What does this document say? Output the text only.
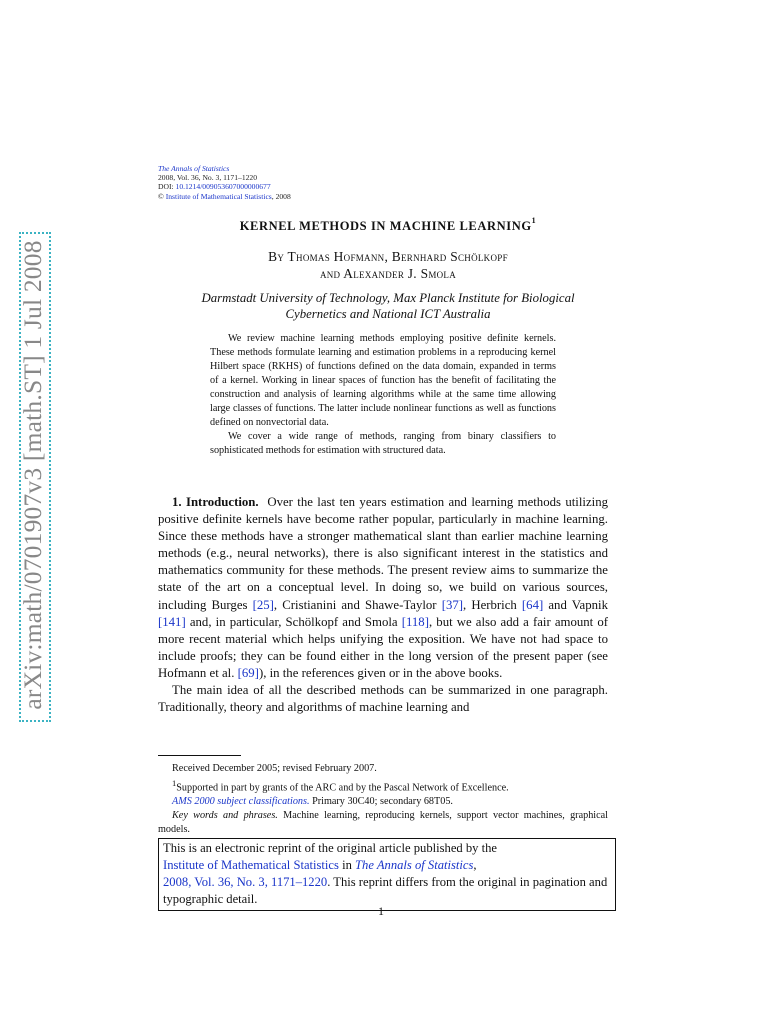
arXiv:math/0701907v3 [math.ST] 1 Jul 2008
The Annals of Statistics
2008, Vol. 36, No. 3, 1171–1220
DOI: 10.1214/009053607000000677
© Institute of Mathematical Statistics, 2008
KERNEL METHODS IN MACHINE LEARNING$^1$
By Thomas Hofmann, Bernhard Schölkopf
and Alexander J. Smola
Darmstadt University of Technology, Max Planck Institute for Biological
Cybernetics and National ICT Australia

We review machine learning methods employing positive definite kernels. These methods formulate learning and estimation problems in a reproducing kernel Hilbert space (RKHS) of functions defined on the data domain, expanded in terms of a kernel. Working in linear spaces of function has the benefit of facilitating the construction and analysis of learning algorithms while at the same time allowing large classes of functions. The latter include nonlinear functions as well as functions defined on nonvectorial data.

We cover a wide range of methods, ranging from binary classifiers to sophisticated methods for estimation with structured data.

1. Introduction. Over the last ten years estimation and learning methods utilizing positive definite kernels have become rather popular, particularly in machine learning. Since these methods have a stronger mathematical slant than earlier machine learning methods (e.g., neural networks), there is also significant interest in the statistics and mathematics community for these methods. The present review aims to summarize the state of the art on a conceptual level. In doing so, we build on various sources, including Burges [25], Cristianini and Shawe-Taylor [37], Herbrich [64] and Vapnik [141] and, in particular, Schölkopf and Smola [118], but we also add a fair amount of more recent material which helps unifying the exposition. We have not had space to include proofs; they can be found either in the long version of the present paper (see Hofmann et al. [69]), in the references given or in the above books.

The main idea of all the described methods can be summarized in one paragraph. Traditionally, theory and algorithms of machine learning and

Received December 2005; revised February 2007.
$^1$Supported in part by grants of the ARC and by the Pascal Network of Excellence.
AMS 2000 subject classifications. Primary 30C40; secondary 68T05.
Key words and phrases. Machine learning, reproducing kernels, support vector machines, graphical models.
This is an electronic reprint of the original article published by the
Institute of Mathematical Statistics in The Annals of Statistics,
2008, Vol. 36, No. 3, 1171–1220. This reprint differs from the original in pagination and typographic detail.
1
